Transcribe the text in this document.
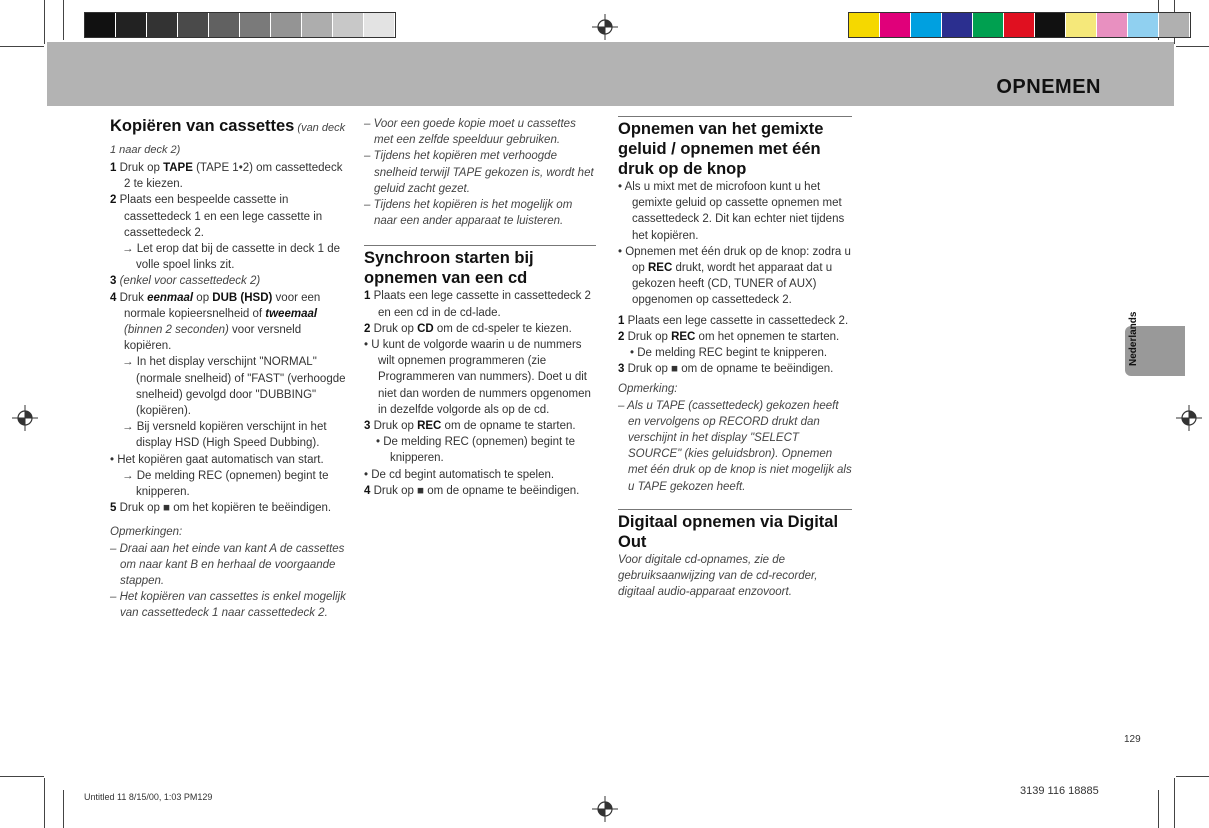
OPNEMEN
Kopiëren van cassettes (van deck 1 naar deck 2)

1 Druk op TAPE (TAPE 1•2) om cassettedeck 2 te kiezen.

2 Plaats een bespeelde cassette in cassettedeck 1 en een lege cassette in cassettedeck 2.

→ Let erop dat bij de cassette in deck 1 de volle spoel links zit.

3 (enkel voor cassettedeck 2)

4 Druk eenmaal op DUB (HSD) voor een normale kopieersnelheid of tweemaal (binnen 2 seconden) voor versneld kopiëren.

→ In het display verschijnt "NORMAL" (normale snelheid) of "FAST" (verhoogde snelheid) gevolgd door "DUBBING" (kopiëren).

→ Bij versneld kopiëren verschijnt in het display HSD (High Speed Dubbing).

• Het kopiëren gaat automatisch van start.

→ De melding REC (opnemen) begint te knipperen.

5 Druk op ■ om het kopiëren te beëindigen.

Opmerkingen:

– Draai aan het einde van kant A de cassettes om naar kant B en herhaal de voorgaande stappen.

– Het kopiëren van cassettes is enkel mogelijk van cassettedeck 1 naar cassettedeck 2.

– Voor een goede kopie moet u cassettes met een zelfde speelduur gebruiken.

– Tijdens het kopiëren met verhoogde snelheid terwijl TAPE gekozen is, wordt het geluid zacht gezet.

– Tijdens het kopiëren is het mogelijk om naar een ander apparaat te luisteren.

Synchroon starten bij opnemen van een cd

1 Plaats een lege cassette in cassettedeck 2 en een cd in de cd-lade.

2 Druk op CD om de cd-speler te kiezen.

• U kunt de volgorde waarin u de nummers wilt opnemen programmeren (zie Programmeren van nummers). Doet u dit niet dan worden de nummers opgenomen in dezelfde volgorde als op de cd.

3 Druk op REC om de opname te starten.

• De melding REC (opnemen) begint te knipperen.

• De cd begint automatisch te spelen.

4 Druk op ■ om de opname te beëindigen.

Opnemen van het gemixte geluid / opnemen met één druk op de knop

• Als u mixt met de microfoon kunt u het gemixte geluid op cassette opnemen met cassettedeck 2. Dit kan echter niet tijdens het kopiëren.

• Opnemen met één druk op de knop: zodra u op REC drukt, wordt het apparaat dat u gekozen heeft (CD, TUNER of AUX) opgenomen op cassettedeck 2.

1 Plaats een lege cassette in cassettedeck 2.

2 Druk op REC om het opnemen te starten.

• De melding REC begint te knipperen.

3 Druk op ■ om de opname te beëindigen.

Opmerking:

– Als u TAPE (cassettedeck) gekozen heeft en vervolgens op RECORD drukt dan verschijnt in het display "SELECT SOURCE" (kies geluidsbron). Opnemen met één druk op de knop is niet mogelijk als u TAPE gekozen heeft.

Digitaal opnemen via Digital Out

Voor digitale cd-opnames, zie de gebruiksaanwijzing van de cd-recorder, digitaal audio-apparaat enzovoort.

Nederlands
129
Untitled 11 8/15/00, 1:03 PM129	3139 116 18885
